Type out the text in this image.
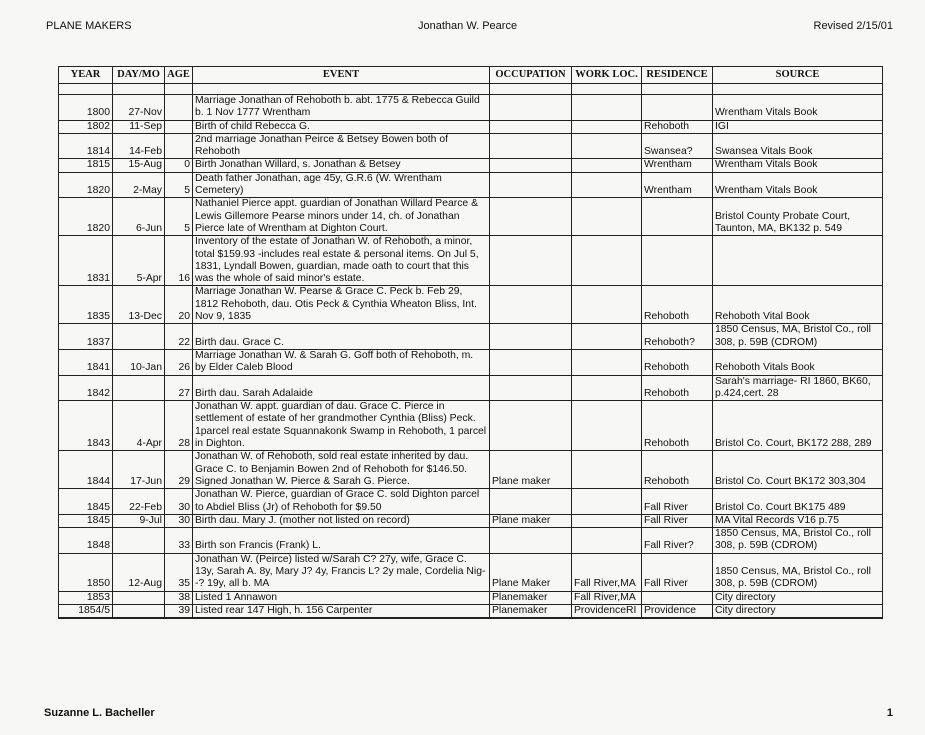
PLANE MAKERS	Jonathan W. Pearce	Revised 2/15/01
YEAR	DAY/MO	AGE	EVENT	OCCUPATION	WORK LOC.	RESIDENCE	SOURCE

1800	27-Nov		Marriage Jonathan of Rehoboth b. abt. 1775 & Rebecca Guild b. 1 Nov 1777 Wrentham				Wrentham Vitals Book
1802	11-Sep		Birth of child Rebecca G.			Rehoboth	IGI
1814	14-Feb		2nd marriage Jonathan Peirce & Betsey Bowen both of Rehoboth			Swansea?	Swansea Vitals Book
1815	15-Aug	0	Birth Jonathan Willard, s. Jonathan & Betsey			Wrentham	Wrentham Vitals Book
1820	2-May	5	Death father Jonathan, age 45y, G.R.6 (W. Wrentham Cemetery)			Wrentham	Wrentham Vitals Book
1820	6-Jun	5	Nathaniel Pierce appt. guardian of Jonathan Willard Pearce & Lewis Gillemore Pearse minors under 14, ch. of Jonathan Pierce late of Wrentham at Dighton Court.				Bristol County Probate Court, Taunton, MA, BK132 p. 549
1831	5-Apr	16	Inventory of the estate of Jonathan W. of Rehoboth, a minor, total $159.93 -includes real estate & personal items. On Jul 5, 1831, Lyndall Bowen, guardian, made oath to court that this was the whole of said minor's estate.				
1835	13-Dec	20	Marriage Jonathan W. Pearse & Grace C. Peck b. Feb 29, 1812 Rehoboth, dau. Otis Peck & Cynthia Wheaton Bliss, Int. Nov 9, 1835			Rehoboth	Rehoboth Vital Book
1837		22	Birth dau. Grace C.			Rehoboth?	1850 Census, MA, Bristol Co., roll 308, p. 59B (CDROM)
1841	10-Jan	26	Marriage Jonathan W. & Sarah G. Goff both of Rehoboth, m. by Elder Caleb Blood			Rehoboth	Rehoboth Vitals Book
1842		27	Birth dau. Sarah Adalaide			Rehoboth	Sarah's marriage- RI 1860, BK60, p.424,cert. 28
1843	4-Apr	28	Jonathan W. appt. guardian of dau. Grace C. Pierce in settlement of estate of her grandmother Cynthia (Bliss) Peck. 1parcel real estate Squannakonk Swamp in Rehoboth, 1 parcel in Dighton.			Rehoboth	Bristol Co. Court, BK172 288, 289
1844	17-Jun	29	Jonathan W. of Rehoboth, sold real estate inherited by dau. Grace C. to Benjamin Bowen 2nd of Rehoboth for $146.50. Signed Jonathan W. Pierce & Sarah G. Pierce.	Plane maker		Rehoboth	Bristol Co. Court BK172 303,304
1845	22-Feb	30	Jonathan W. Pierce, guardian of Grace C. sold Dighton parcel to Abdiel Bliss (Jr) of Rehoboth for $9.50			Fall River	Bristol Co. Court BK175 489
1845	9-Jul	30	Birth dau. Mary J. (mother not listed on record)	Plane maker		Fall River	MA Vital Records V16 p.75
1848		33	Birth son Francis (Frank) L.			Fall River?	1850 Census, MA, Bristol Co., roll 308, p. 59B (CDROM)
1850	12-Aug	35	Jonathan W. (Peirce) listed w/Sarah C? 27y, wife, Grace C. 13y, Sarah A. 8y, Mary J? 4y, Francis L? 2y male, Cordelia Nig--? 19y, all b. MA	Plane Maker	Fall River,MA	Fall River	1850 Census, MA, Bristol Co., roll 308, p. 59B (CDROM)
1853		38	Listed 1 Annawon	Planemaker	Fall River,MA		City directory
1854/5		39	Listed rear 147 High, h. 156 Carpenter	Planemaker	ProvidenceRI	Providence	City directory
Suzanne L. Bacheller	1
